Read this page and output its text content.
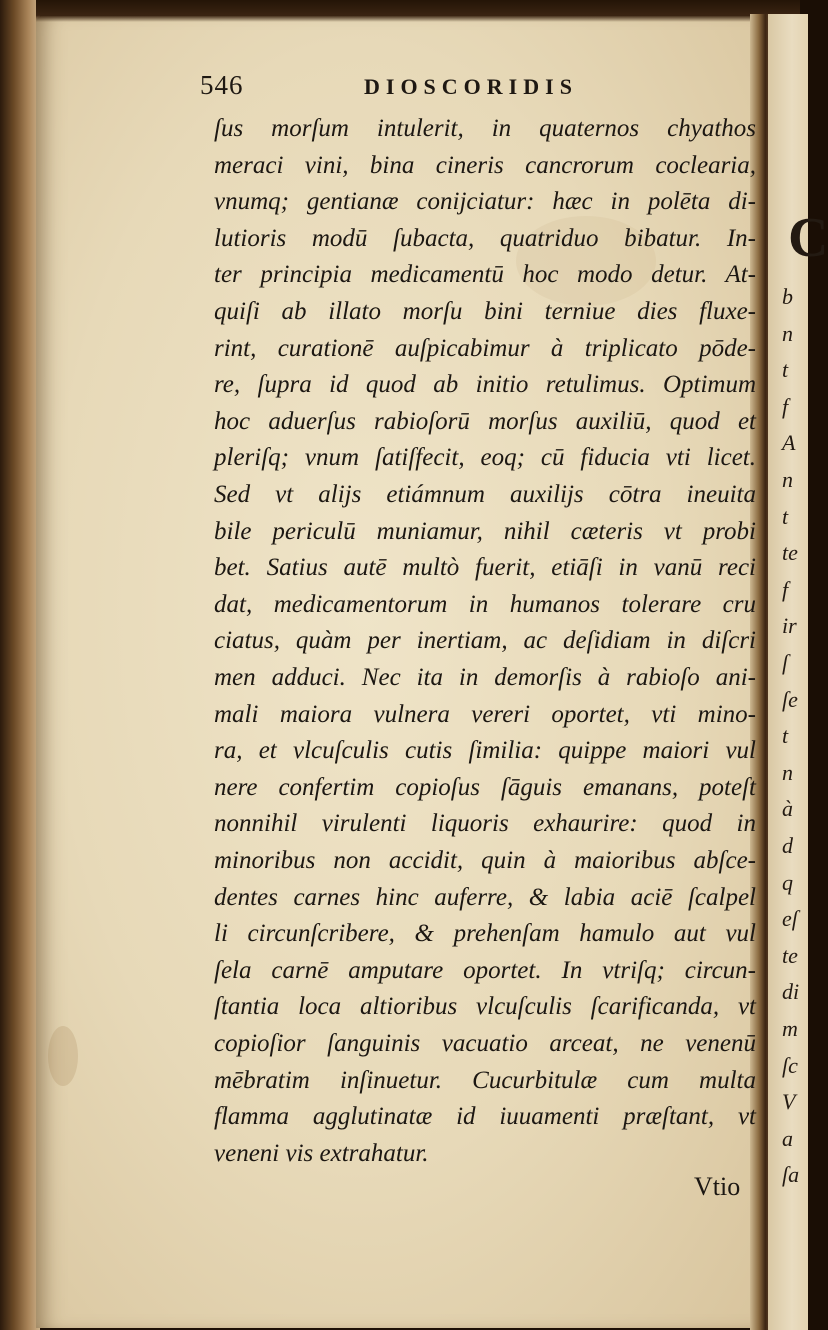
C
b
n
t
f
A
n
t
te
f
ir
ſ
ſe
t
n
à
d
q
eſ
te
di
m
ſc
V
a
ſa
546	DIOSCORIDIS
ſus morſum intulerit, in quaternos chyathos
meraci vini, bina cineris cancrorum coclearia,
vnumq; gentianæ conijciatur: hæc in polēta di-
lutioris modū ſubacta, quatriduo bibatur. In-
ter principia medicamentū hoc modo detur. At-
quiſi ab illato morſu bini terniue dies fluxe-
rint, curationē auſpicabimur à triplicato pōde-
re, ſupra id quod ab initio retulimus. Optimum
hoc aduerſus rabioſorū morſus auxiliū, quod et
pleriſq; vnum ſatiſfecit, eoq; cū fiducia vti licet.
Sed vt alijs etiámnum auxilijs cōtra ineuita
bile periculū muniamur, nihil cæteris vt probi
bet. Satius autē multò fuerit, etiāſi in vanū reci
dat, medicamentorum in humanos tolerare cru
ciatus, quàm per inertiam, ac deſidiam in diſcri
men adduci. Nec ita in demorſis à rabioſo ani-
mali maiora vulnera vereri oportet, vti mino-
ra, et vlcuſculis cutis ſimilia: quippe maiori vul
nere confertim copioſus ſāguis emanans, poteſt
nonnihil virulenti liquoris exhaurire: quod in
minoribus non accidit, quin à maioribus abſce-
dentes carnes hinc auferre, & labia aciē ſcalpel
li circunſcribere, & prehenſam hamulo aut vul
ſela carnē amputare oportet. In vtriſq; circun-
ſtantia loca altioribus vlcuſculis ſcarificanda, vt
copioſior ſanguinis vacuatio arceat, ne venenū
mēbratim inſinuetur. Cucurbitulæ cum multa
flamma agglutinatæ id iuuamenti præſtant, vt
veneni vis extrahatur.
Vtio
